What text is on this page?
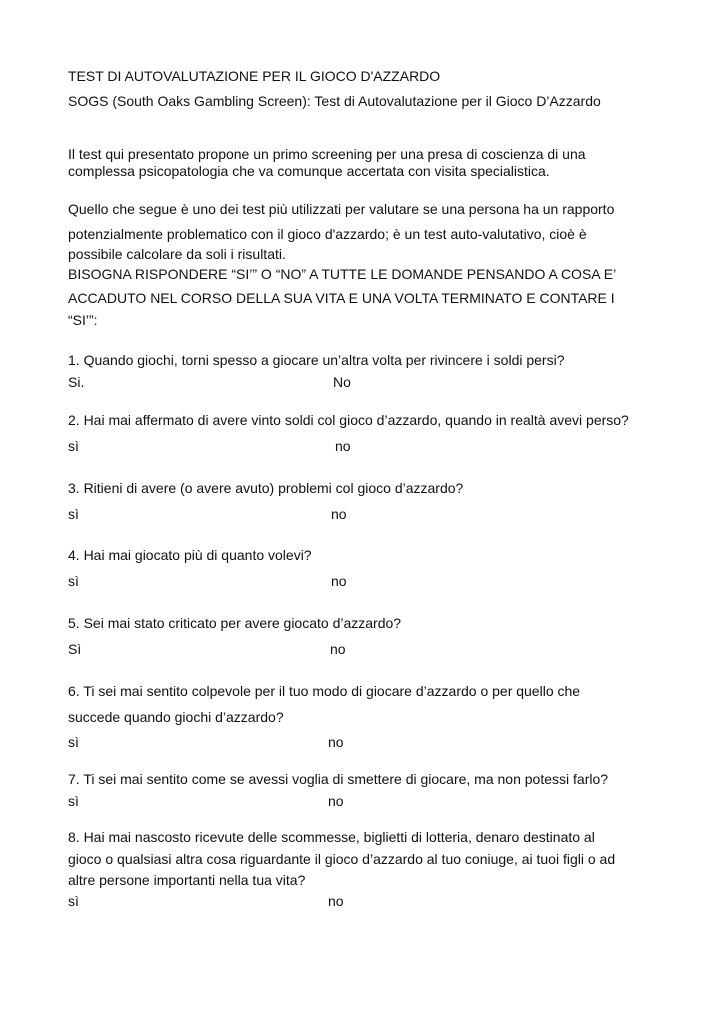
TEST DI AUTOVALUTAZIONE PER IL GIOCO D'AZZARDO
SOGS (South Oaks Gambling Screen): Test di Autovalutazione per il Gioco D’Azzardo
Il test qui presentato propone un primo screening per una presa di coscienza di una
complessa psicopatologia che va comunque accertata con visita specialistica.
Quello che segue è uno dei test più utilizzati per valutare se una persona ha un rapporto
potenzialmente problematico con il gioco d'azzardo; è un test auto-valutativo, cioè è
possibile calcolare da soli i risultati.
BISOGNA RISPONDERE “SI’” O “NO” A TUTTE LE DOMANDE PENSANDO A COSA E’
ACCADUTO NEL CORSO DELLA SUA VITA E UNA VOLTA TERMINATO E CONTARE I
“SI’”:
1. Quando giochi, torni spesso a giocare un’altra volta per rivincere i soldi persi?
Si.	No
2. Hai mai affermato di avere vinto soldi col gioco d’azzardo, quando in realtà avevi perso?
sì	no
3. Ritieni di avere (o avere avuto) problemi col gioco d’azzardo?
sì	no
4. Hai mai giocato più di quanto volevi?
sì	no
5. Sei mai stato criticato per avere giocato d’azzardo?
Sì	no
6. Ti sei mai sentito colpevole per il tuo modo di giocare d’azzardo o per quello che
succede quando giochi d’azzardo?
sì	no
7. Ti sei mai sentito come se avessi voglia di smettere di giocare, ma non potessi farlo?
sì	no
8. Hai mai nascosto ricevute delle scommesse, biglietti di lotteria, denaro destinato al
gioco o qualsiasi altra cosa riguardante il gioco d’azzardo al tuo coniuge, ai tuoi figli o ad
altre persone importanti nella tua vita?
sì	no
